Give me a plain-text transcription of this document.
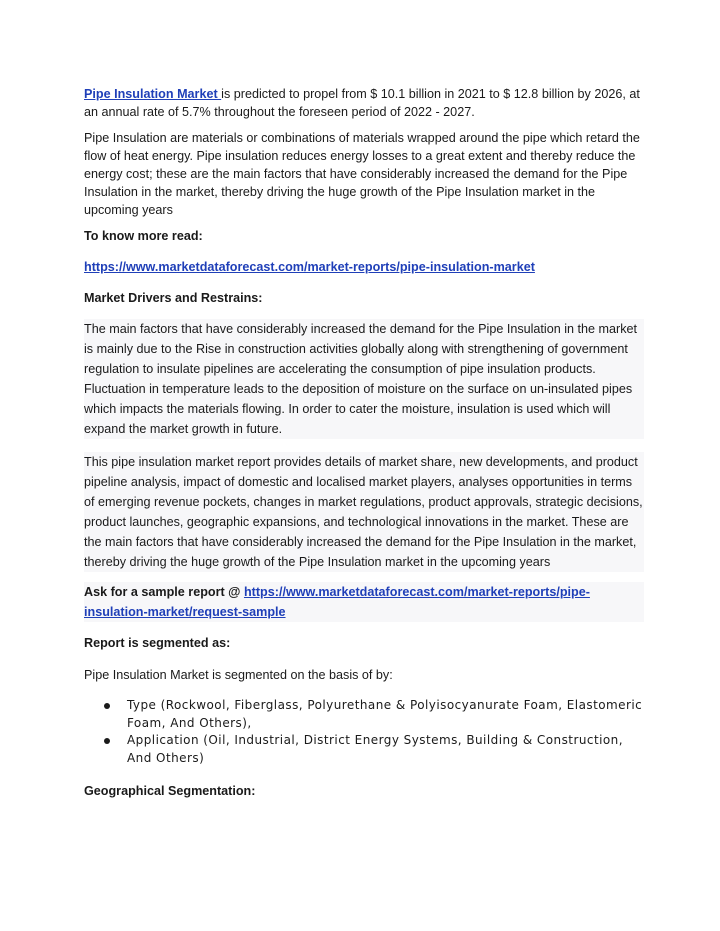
Pipe Insulation Market is predicted to propel from $ 10.1 billion in 2021 to $ 12.8 billion by 2026, at an annual rate of 5.7% throughout the foreseen period of 2022 - 2027.

Pipe Insulation are materials or combinations of materials wrapped around the pipe which retard the flow of heat energy. Pipe insulation reduces energy losses to a great extent and thereby reduce the energy cost; these are the main factors that have considerably increased the demand for the Pipe Insulation in the market, thereby driving the huge growth of the Pipe Insulation market in the upcoming years

To know more read:

https://www.marketdataforecast.com/market-reports/pipe-insulation-market

Market Drivers and Restrains:

The main factors that have considerably increased the demand for the Pipe Insulation in the market is mainly due to the Rise in construction activities globally along with strengthening of government regulation to insulate pipelines are accelerating the consumption of pipe insulation products. Fluctuation in temperature leads to the deposition of moisture on the surface on un-insulated pipes which impacts the materials flowing. In order to cater the moisture, insulation is used which will expand the market growth in future.

This pipe insulation market report provides details of market share, new developments, and product pipeline analysis, impact of domestic and localised market players, analyses opportunities in terms of emerging revenue pockets, changes in market regulations, product approvals, strategic decisions, product launches, geographic expansions, and technological innovations in the market. These are the main factors that have considerably increased the demand for the Pipe Insulation in the market, thereby driving the huge growth of the Pipe Insulation market in the upcoming years

Ask for a sample report @ https://www.marketdataforecast.com/market-reports/pipe-insulation-market/request-sample

Report is segmented as:

Pipe Insulation Market is segmented on the basis of by:

Type (Rockwool, Fiberglass, Polyurethane & Polyisocyanurate Foam, Elastomeric Foam, And Others),
Application (Oil, Industrial, District Energy Systems, Building & Construction, And Others)

Geographical Segmentation:
